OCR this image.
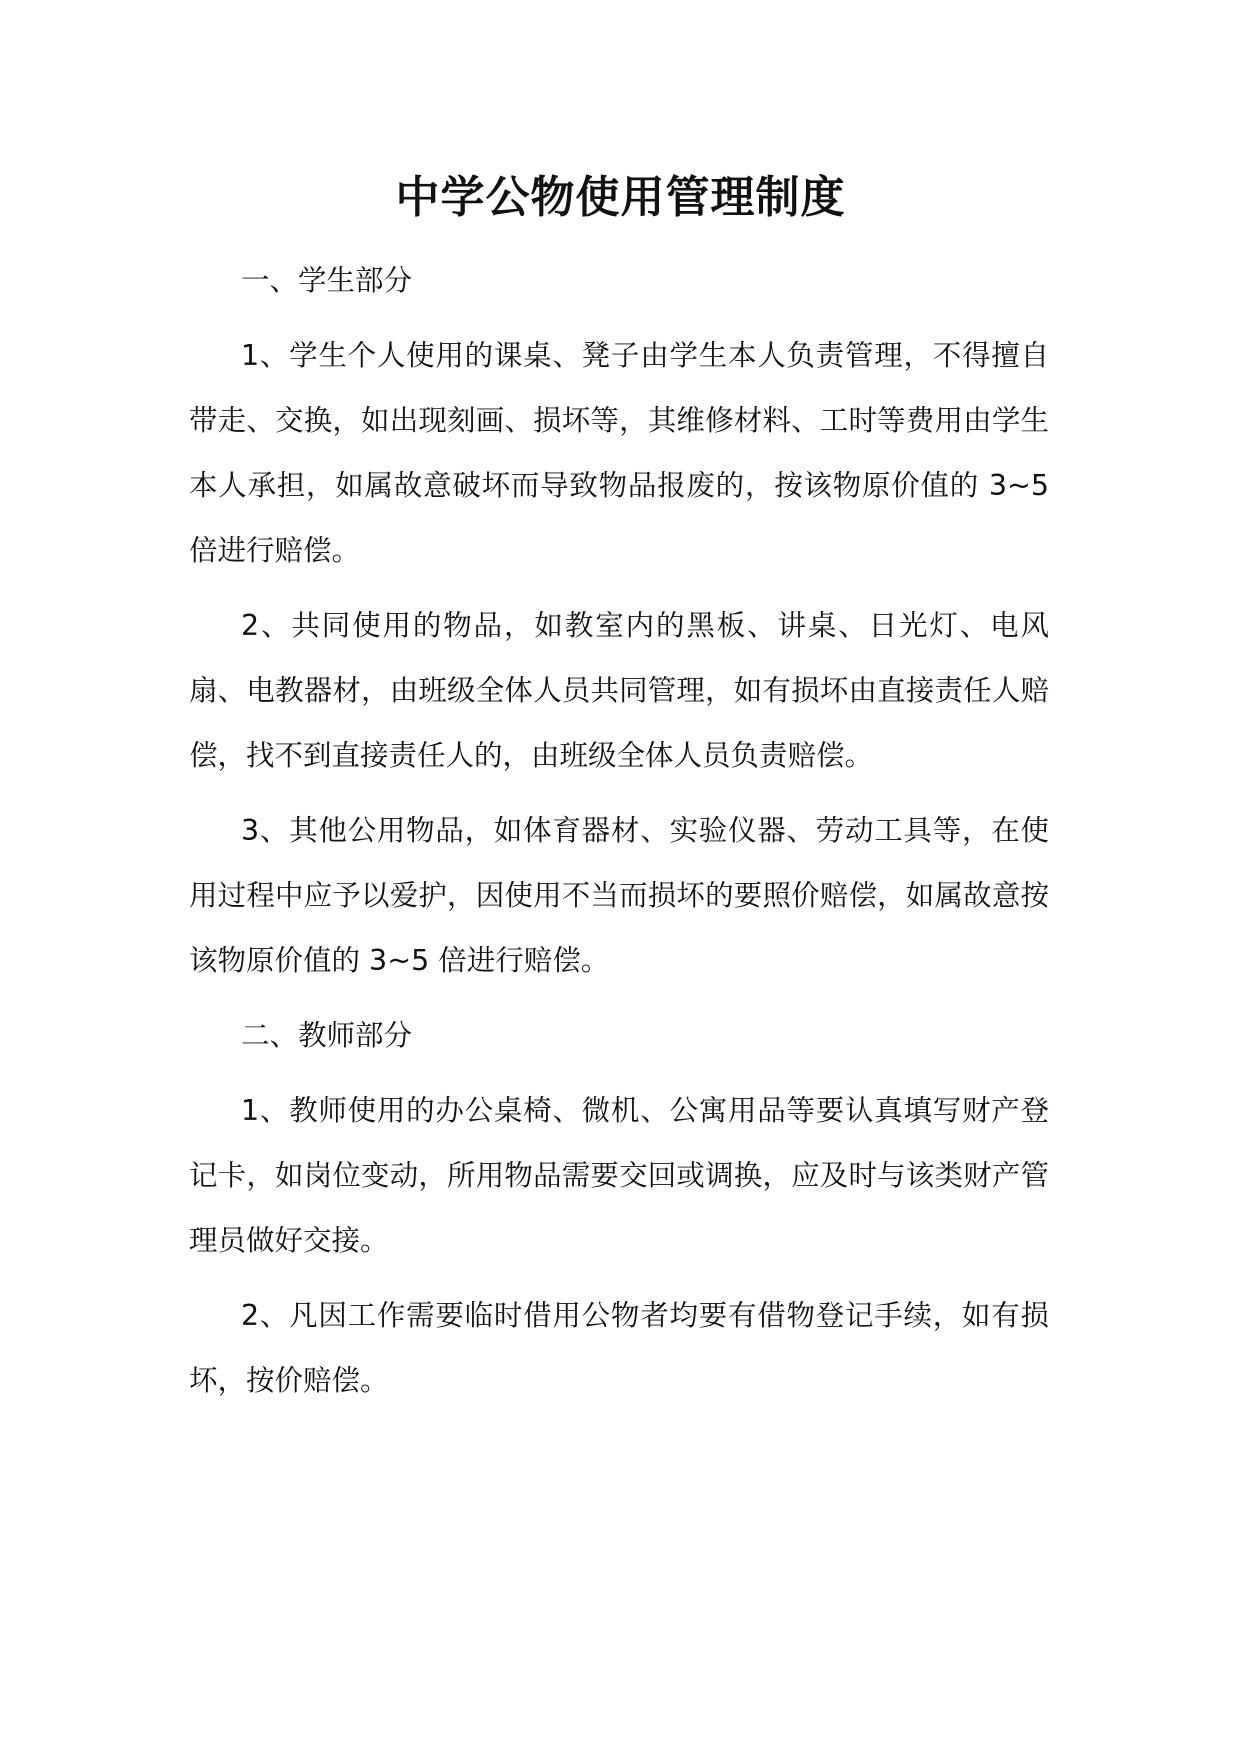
中学公物使用管理制度

一、学生部分

1、学生个人使用的课桌、凳子由学生本人负责管理，不得擅自带走、交换，如出现刻画、损坏等，其维修材料、工时等费用由学生本人承担，如属故意破坏而导致物品报废的，按该物原价值的 3~5 倍进行赔偿。

2、共同使用的物品，如教室内的黑板、讲桌、日光灯、电风扇、电教器材，由班级全体人员共同管理，如有损坏由直接责任人赔偿，找不到直接责任人的，由班级全体人员负责赔偿。

3、其他公用物品，如体育器材、实验仪器、劳动工具等，在使用过程中应予以爱护，因使用不当而损坏的要照价赔偿，如属故意按该物原价值的 3~5 倍进行赔偿。

二、教师部分

1、教师使用的办公桌椅、微机、公寓用品等要认真填写财产登记卡，如岗位变动，所用物品需要交回或调换，应及时与该类财产管理员做好交接。

2、凡因工作需要临时借用公物者均要有借物登记手续，如有损坏，按价赔偿。
